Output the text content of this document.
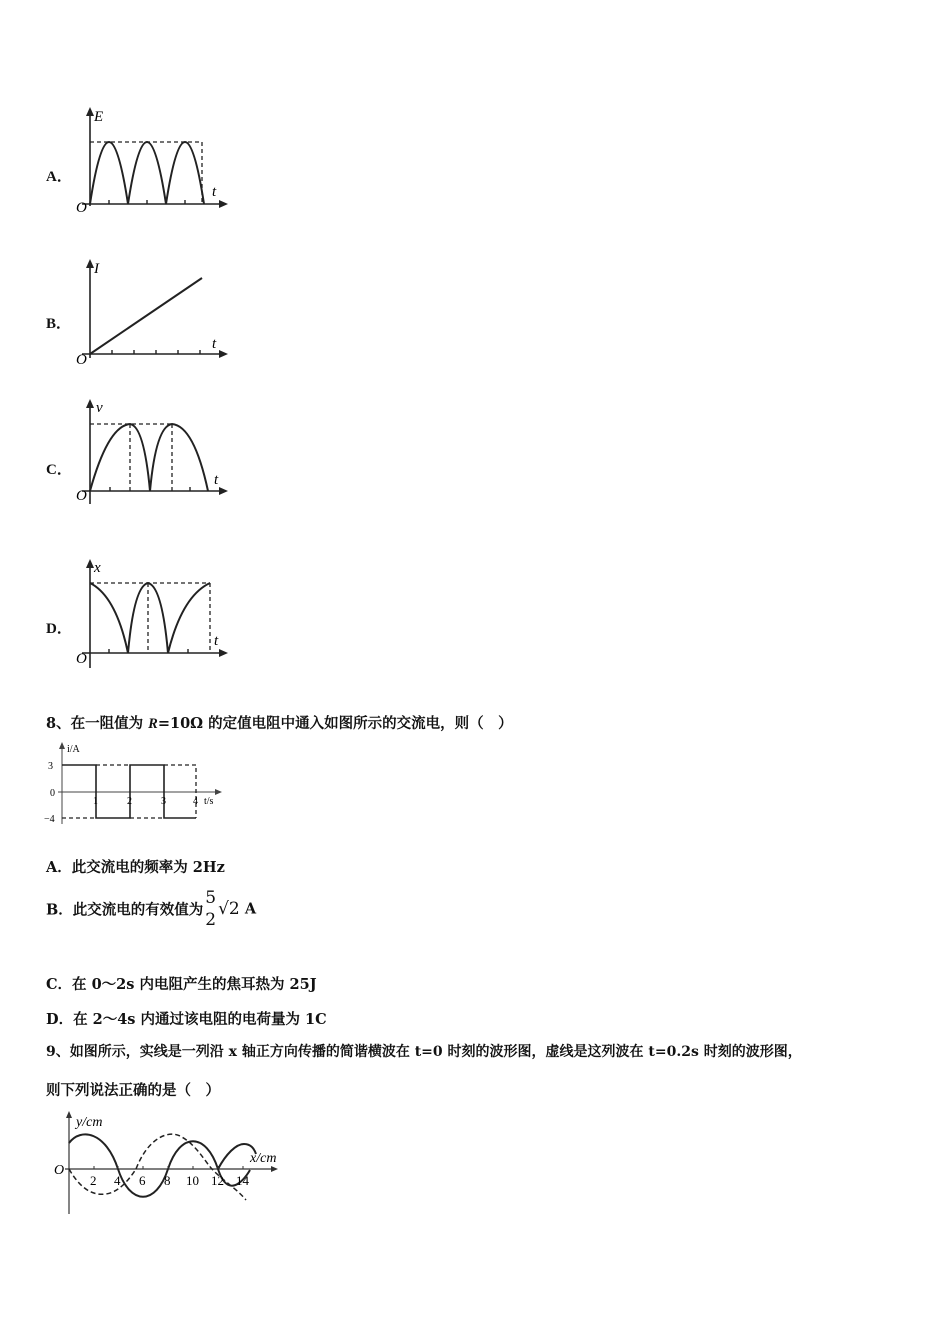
A．
E
t
O
B．
I
t
O
C．
v
t
O
D．
x
t
O
8、在一阻值为 R=10Ω 的定值电阻中通入如图所示的交流电，则（　）
i/A
t/s
3
0
−4
1	2	3	4
A．此交流电的频率为 2Hz
B．此交流电的有效值为
5
2
√2 A
C．在 0～2s 内电阻产生的焦耳热为 25J
D．在 2～4s 内通过该电阻的电荷量为 1C
9、如图所示，实线是一列沿 x 轴正方向传播的简谐横波在 t=0 时刻的波形图，虚线是这列波在 t=0.2s 时刻的波形图，
则下列说法正确的是（　）
y/cm
x/cm
O
2 4 6 8 10 12 14
